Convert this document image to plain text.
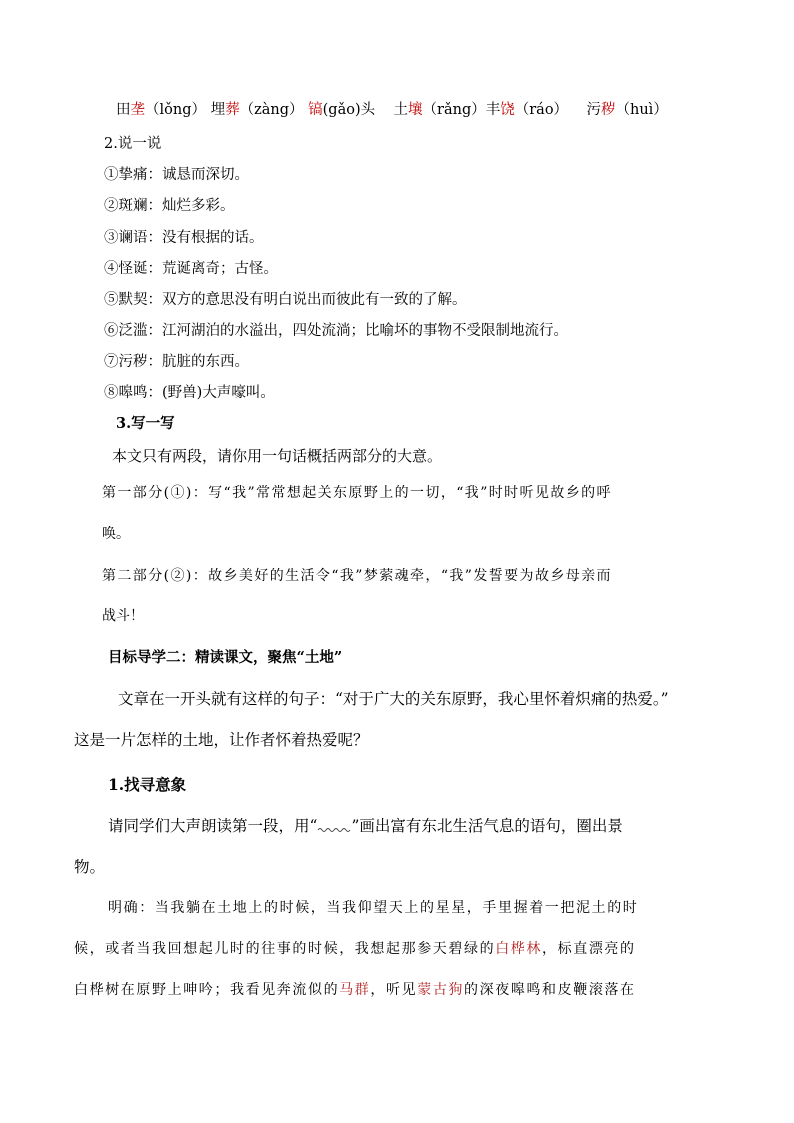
田垄（lǒng） 埋葬（zàng） 镐(gǎo)头 土壤（rǎng）丰饶（ráo） 污秽（huì）
2.说一说
①挚痛：诚恳而深切。
②斑斓：灿烂多彩。
③谰语：没有根据的话。
④怪诞：荒诞离奇；古怪。
⑤默契：双方的意思没有明白说出而彼此有一致的了解。
⑥泛滥：江河湖泊的水溢出，四处流淌；比喻坏的事物不受限制地流行。
⑦污秽：肮脏的东西。
⑧嗥鸣：(野兽)大声嚎叫。
3.写一写
本文只有两段，请你用一句话概括两部分的大意。
第一部分(①)：写“我”常常想起关东原野上的一切，“我”时时听见故乡的呼
唤。
第二部分(②)：故乡美好的生活令“我”梦萦魂牵，“我”发誓要为故乡母亲而
战斗！
目标导学二：精读课文，聚焦“土地”
文章在一开头就有这样的句子：“对于广大的关东原野，我心里怀着炽痛的热爱。”
这是一片怎样的土地，让作者怀着热爱呢？
1.找寻意象
请同学们大声朗读第一段，用“ ”画出富有东北生活气息的语句，圈出景
物。
明确：当我躺在土地上的时候，当我仰望天上的星星，手里握着一把泥土的时
候，或者当我回想起儿时的往事的时候，我想起那参天碧绿的白桦林，标直漂亮的
白桦树在原野上呻吟；我看见奔流似的马群，听见蒙古狗的深夜嗥鸣和皮鞭滚落在
